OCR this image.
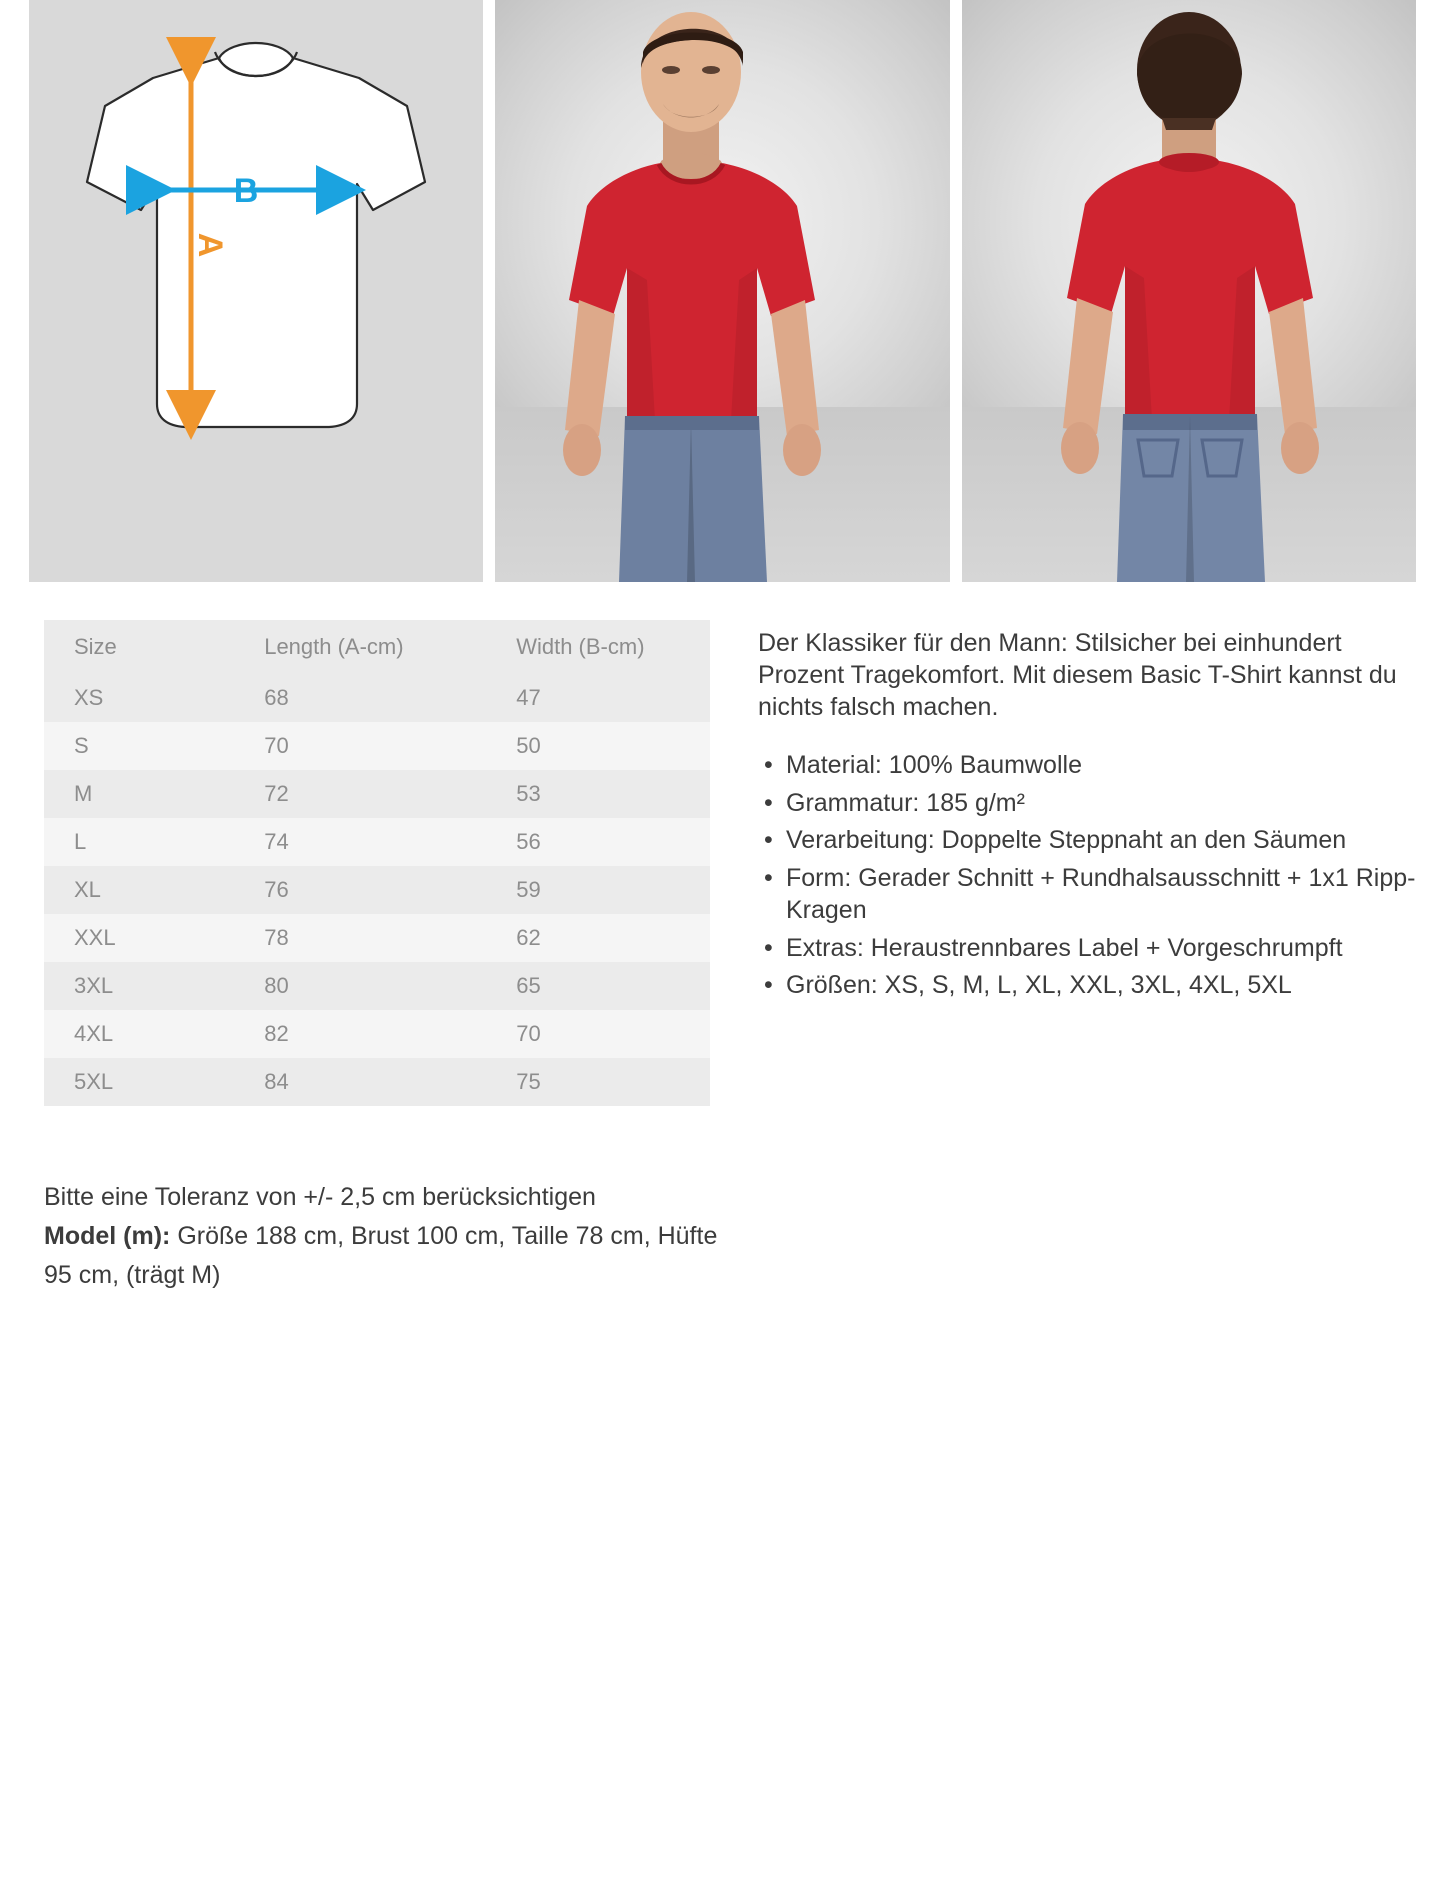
A
B
Size	Length (A-cm)	Width (B-cm)
XS	68	47
S	70	50
M	72	53
L	74	56
XL	76	59
XXL	78	62
3XL	80	65
4XL	82	70
5XL	84	75

Der Klassiker für den Mann: Stilsicher bei einhundert Prozent Tragekomfort. Mit diesem Basic T-Shirt kannst du nichts falsch machen.

• Material: 100% Baumwolle
• Grammatur: 185 g/m²
• Verarbeitung: Doppelte Steppnaht an den Säumen
• Form: Gerader Schnitt + Rundhalsausschnitt + 1x1 Ripp-Kragen
• Extras: Heraustrennbares Label + Vorgeschrumpft
• Größen: XS, S, M, L, XL, XXL, 3XL, 4XL, 5XL
Bitte eine Toleranz von +/- 2,5 cm berücksichtigen
Model (m): Größe 188 cm, Brust 100 cm, Taille 78 cm, Hüfte 95 cm, (trägt M)
